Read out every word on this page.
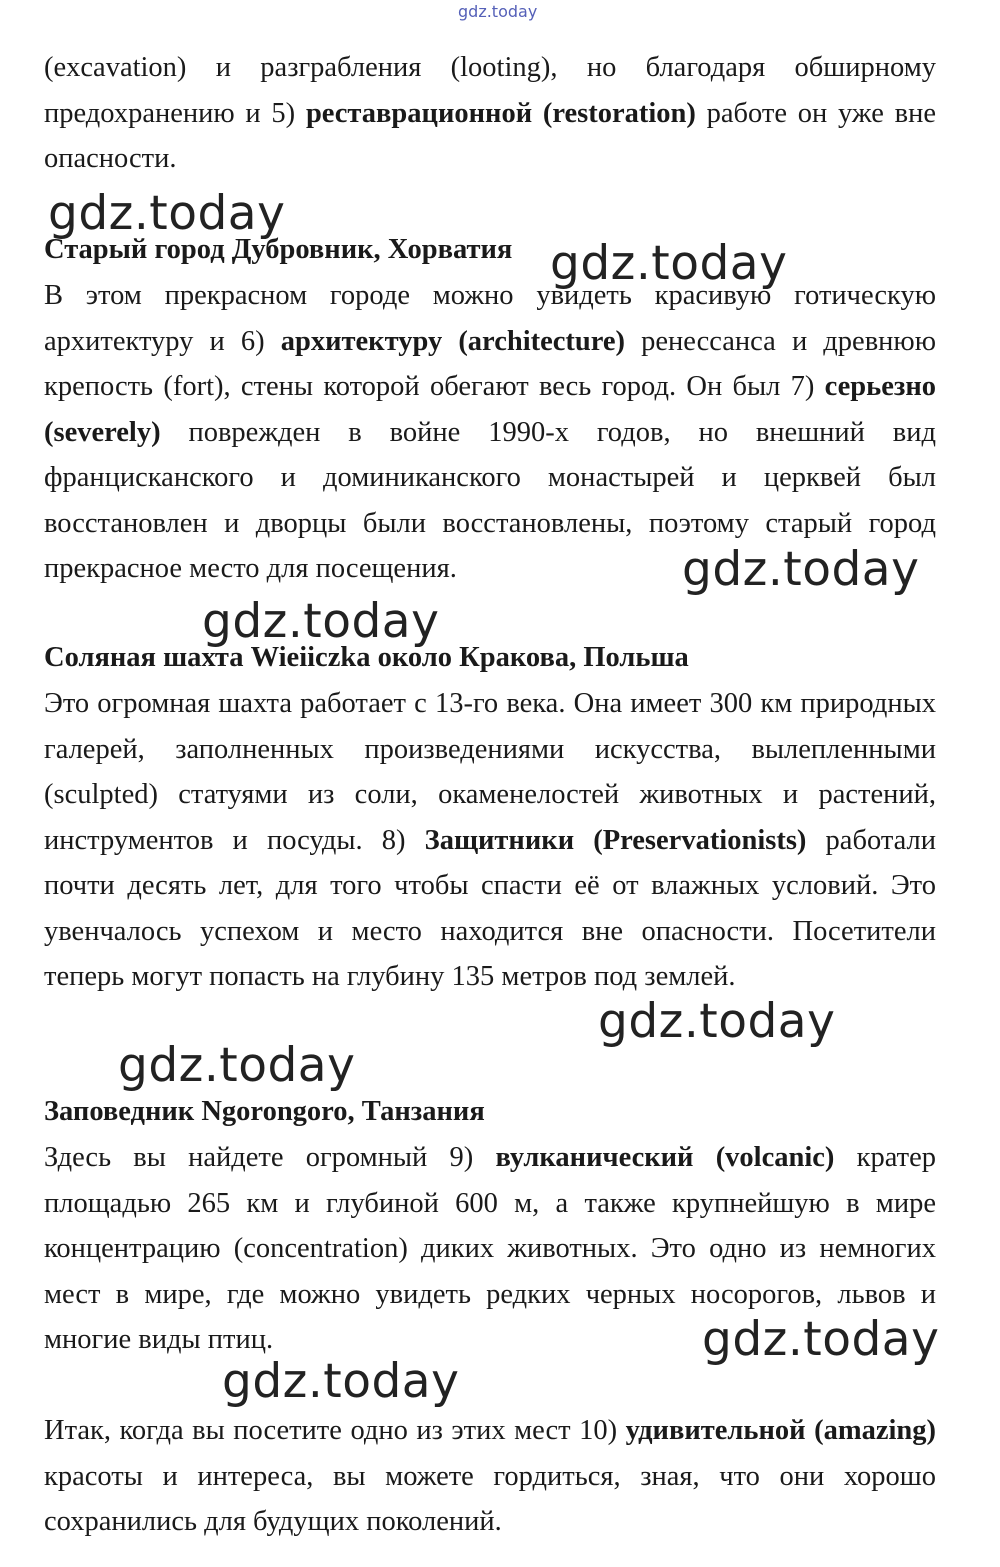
gdz.today

(excavation) и разграбления (looting), но благодаря обширному предохранению и 5) реставрационной (restoration) работе он уже вне опасности.

Старый город Дубровник, Хорватия

В этом прекрасном городе можно увидеть красивую готическую архитектуру и 6) архитектуру (architecture) ренессанса и древнюю крепость (fort), стены которой обегают весь город. Он был 7) серьезно (severely) поврежден в войне 1990-х годов, но внешний вид францисканского и доминиканского монастырей и церквей был восстановлен и дворцы были восстановлены, поэтому старый город прекрасное место для посещения.

Соляная шахта Wieiiczka около Кракова, Польша

Это огромная шахта работает с 13-го века. Она имеет 300 км природных галерей, заполненных произведениями искусства, вылепленными (sculpted) статуями из соли, окаменелостей животных и растений, инструментов и посуды. 8) Защитники (Preservationists) работали почти десять лет, для того чтобы спасти её от влажных условий. Это увенчалось успехом и место находится вне опасности. Посетители теперь могут попасть на глубину 135 метров под землей.

Заповедник Ngorongoro, Танзания

Здесь вы найдете огромный 9) вулканический (volcanic) кратер площадью 265 км и глубиной 600 м, а также крупнейшую в мире концентрацию (concentration) диких животных. Это одно из немногих мест в мире, где можно увидеть редких черных носорогов, львов и многие виды птиц.

Итак, когда вы посетите одно из этих мест 10) удивительной (amazing) красоты и интереса, вы можете гордиться, зная, что они хорошо сохранились для будущих поколений.

gdz.today
gdz.today
gdz.today
gdz.today
gdz.today
gdz.today
gdz.today
gdz.today
